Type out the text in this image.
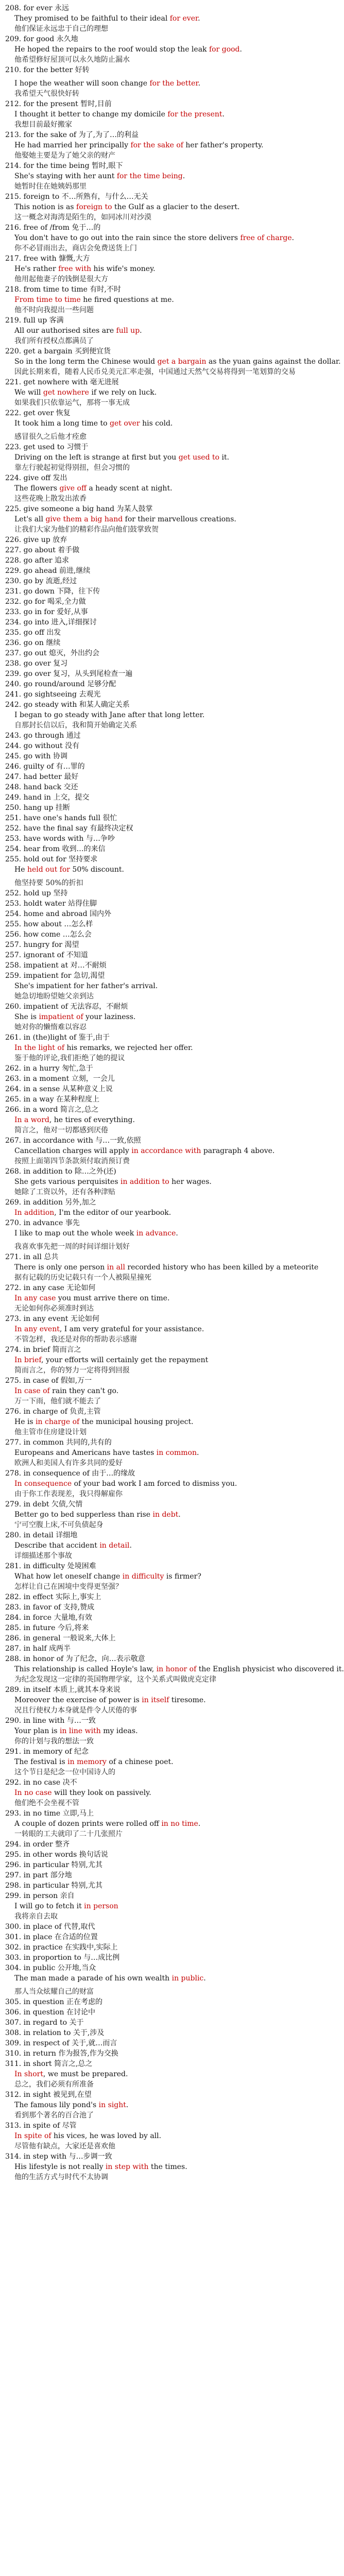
208. for ever 永远
They promised to be faithful to their ideal for ever.
他们保证永远忠于自己的理想
209. for good 永久地
He hoped the repairs to the roof would stop the leak for good.
他希望修好屋顶可以永久地防止漏水
210. for the better 好转
I hope the weather will soon change for the better.
我希望天气很快好转
212. for the present 暂时,目前
I thought it better to change my domicile for the present.
我想目前最好搬家
213. for the sake of 为了,为了…的利益
He had married her principally for the sake of her father's property.
他娶她主要是为了她父亲的财产
214. for the time being 暂时,眼下
She's staying with her aunt for the time being.
她暂时住在她姨妈那里
215. foreign to 不…所熟有，与什么…无关
This notion is as foreign to the Gulf as a glacier to the desert.
这一概念对海湾是陌生的，如同冰川对沙漠
216. free of /from 免于…的
You don't have to go out into the rain since the store delivers free of charge.
你不必冒雨出去，商店会免费送货上门
217. free with 慷慨,大方
He's rather free with his wife's money.
他用起他妻子的钱倒是很大方
218. from time to time 有时,不时
From time to time he fired questions at me.
他不时向我提出一些问题
219. full up 客满
All our authorised sites are full up.
我们所有授权点都满员了
220. get a bargain 买到便宜货
So in the long term the Chinese would get a bargain as the yuan gains against the dollar.
因此长期来看，随着人民币兑美元汇率走强，中国通过天然气交易将得到一笔划算的交易
221. get nowhere with 毫无进展
We will get nowhere if we rely on luck.
如果我们只依靠运气，那将一事无成
222. get over 恢复
It took him a long time to get over his cold.
感冒很久之后他才痊愈
223. get used to 习惯于
Driving on the left is strange at first but you get used to it.
靠左行驶起初觉得别扭，但会习惯的
224. give off 发出
The flowers give off a heady scent at night.
这些花晚上散发出浓香
225. give someone a big hand 为某人鼓掌
Let's all give them a big hand for their marvellous creations.
让我们大家为他们的精彩作品向他们鼓掌致贺
226. give up 放弃
227. go about 着手做
228. go after 追求
229. go ahead 前进,继续
230. go by 流逝,经过
231. go down 下降，往下传
232. go for 喝采,全力做
233. go in for 爱好,从事
234. go into 进入,详细探讨
235. go off 出发
236. go on 继续
237. go out 熄灭，外出约会
238. go over 复习
239. go over 复习，从头到尾检查一遍
240. go round/around 足够分配
241. go sightseeing 去观光
242. go steady with 和某人确定关系
I began to go steady with Jane after that long letter.
自那封长信以后，我和简开始确定关系
243. go through 通过
244. go without 没有
245. go with 协调
246. guilty of 有…罪的
247. had better 最好
248. hand back 交还
249. hand in 上交，提交
250. hang up 挂断
251. have one's hands full 很忙
252. have the final say 有最终决定权
253. have words with 与…争吵
254. hear from 收到…的来信
255. hold out for 坚持要求
He held out for 50% discount.
他坚持要 50%的折扣
252. hold up 坚持
253. holdt water 站得住脚
254. home and abroad 国内外
255. how about …怎么样
256. how come …怎么会
257. hungry for 渴望
257. ignorant of 不知道
258. impatient at 对…不耐烦
259. impatient for 急切,渴望
She's impatient for her father's arrival.
她急切地盼望她父亲到达
260. impatient of 无法容忍，不耐烦
She is impatient of your laziness.
她对你的懒惰难以容忍
261. in (the)light of 鉴于,由于
In the light of his remarks, we rejected her offer.
鉴于他的评论,我们拒绝了她的提议
262. in a hurry 匆忙,急于
263. in a moment 立刻，一会儿
264. in a sense 从某种意义上说
265. in a way 在某种程度上
266. in a word 简言之,总之
In a word, he tires of everything.
简言之，他对一切都感到厌倦
267. in accordance with 与…一致,依照
Cancellation charges will apply in accordance with paragraph 4 above.
按照上面第四节条款须付取消预订费
268. in addition to 除…之外(还)
She gets various perquisites in addition to her wages.
她除了工资以外，还有各种津贴
269. in addition 另外,加之
In addition, I'm the editor of our yearbook.
270. in advance 事先
I like to map out the whole week in advance.
我喜欢事先把一周的时间详细计划好
271. in all 总共
There is only one person in all recorded history who has been killed by a meteorite
据有记载的历史记载只有一个人被陨星撞死
272. in any case 无论如何
In any case you must arrive there on time.
无论如何你必须准时到达
273. in any event 无论如何
In any event, I am very grateful for your assistance.
不管怎样，我还是对你的帮助表示感谢
274. in brief 简而言之
In brief, your efforts will certainly get the repayment
简而言之，你的努力一定将得到回报
275. in case of 假如,万一
In case of rain they can't go.
万一下雨，他们就不能去了
276. in charge of 负责,主管
He is in charge of the municipal housing project.
他主管市住房建设计划
277. in common 共同的,共有的
Europeans and Americans have tastes in common.
欧洲人和美国人有许多共同的爱好
278. in consequence of 由于…的缘故
In consequence of your bad work I am forced to dismiss you.
由于你工作表现差，我只得解雇你
279. in debt 欠债,欠情
Better go to bed supperless than rise in debt.
宁可空腹上床,不可负债起身
280. in detail 详细地
Describe that accident in detail.
详细描述那个事故
281. in difficulty 处境困难
What how let oneself change in difficulty is firmer?
怎样让自己在困境中变得更坚强？
282. in effect 实际上,事实上
283. in favor of 支持,赞成
284. in force 大量地,有效
285. in future 今后,将来
286. in general 一般说来,大体上
287. in half 成两半
288. in honor of 为了纪念，向…表示敬意
This relationship is called Hoyle's law, in honor of the English physicist who discovered it.
为纪念发现这一定律的英国物理学家，这个关系式叫做虎克定律
289. in itself 本质上,就其本身来说
Moreover the exercise of power is in itself tiresome.
况且行使权力本身就是件令人厌倦的事
290. in line with 与…一致
Your plan is in line with my ideas.
你的计划与我的想法一致
291. in memory of 纪念
The festival is in memory of a chinese poet.
这个节日是纪念一位中国诗人的
292. in no case 决不
In no case will they look on passively.
他们绝不会坐视不管
293. in no time 立即,马上
A couple of dozen prints were rolled off in no time.
一转眼的工夫就印了二十几张照片
294. in order 整齐
295. in other words 换句话说
296. in particular 特别,尤其
297. in part 部分地
298. in particular 特别,尤其
299. in person 亲自
I will go to fetch it in person
我将亲自去取
300. in place of 代替,取代
301. in place 在合适的位置
302. in practice 在实践中,实际上
303. in proportion to 与…成比例
304. in public 公开地,当众
The man made a parade of his own wealth in public.
那人当众炫耀自己的财富
305. in question 正在考虑的
306. in question 在讨论中
307. in regard to 关于
308. in relation to 关于,涉及
309. in respect of 关于,就…而言
310. in return 作为报答,作为交换
311. in short 简言之,总之
In short, we must be prepared.
总之，我们必须有所准备
312. in sight 被见到,在望
The famous lily pond's in sight.
看到那个著名的百合池了
313. in spite of 尽管
In spite of his vices, he was loved by all.
尽管他有缺点，大家还是喜欢他
314. in step with 与…步调一致
His lifestyle is not really in step with the times.
他的生活方式与时代不太协调
